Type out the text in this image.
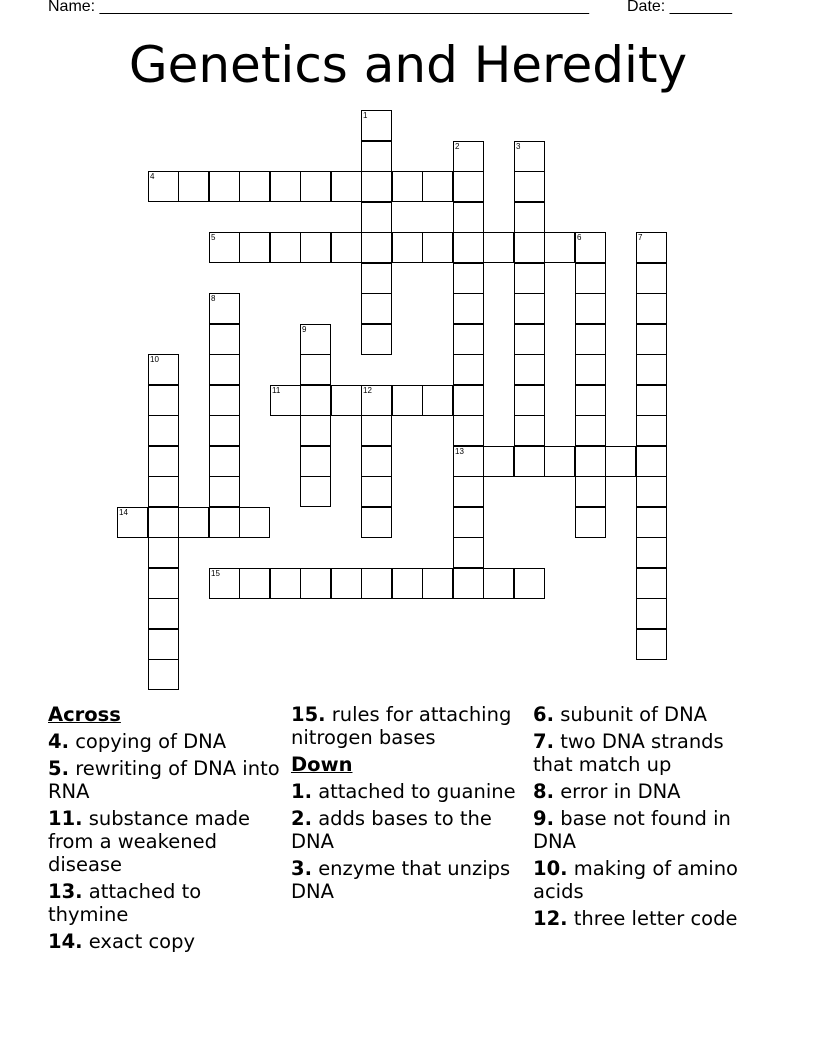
Name: _______________________________________________________ Date: _______
Genetics and Heredity
1
2
13
3
4
5	6	7
8
9
10
11	12
14
15
Across
4. copying of DNA
5. rewriting of DNA into RNA
11. substance made from a weakened disease
13. attached to thymine
14. exact copy
15. rules for attaching nitrogen bases
Down
1. attached to guanine
2. adds bases to the DNA
3. enzyme that unzips DNA
6. subunit of DNA
7. two DNA strands that match up
8. error in DNA
9. base not found in DNA
10. making of amino acids
12. three letter code
